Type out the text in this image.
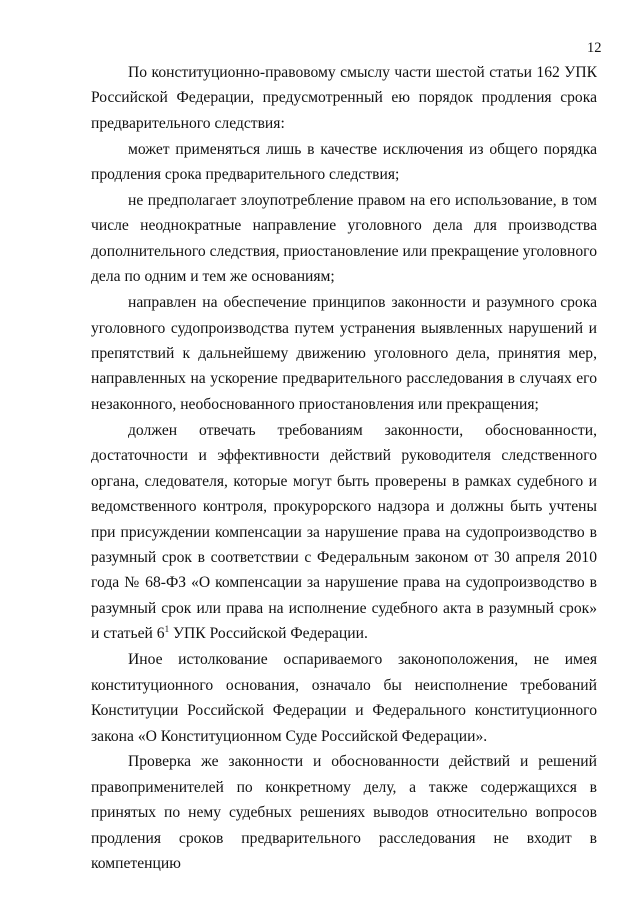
12

По конституционно-правовому смыслу части шестой статьи 162 УПК Российской Федерации, предусмотренный ею порядок продления срока предварительного следствия:

может применяться лишь в качестве исключения из общего порядка продления срока предварительного следствия;

не предполагает злоупотребление правом на его использование, в том числе неоднократные направление уголовного дела для производства дополнительного следствия, приостановление или прекращение уголовного дела по одним и тем же основаниям;

направлен на обеспечение принципов законности и разумного срока уголовного судопроизводства путем устранения выявленных нарушений и препятствий к дальнейшему движению уголовного дела, принятия мер, направленных на ускорение предварительного расследования в случаях его незаконного, необоснованного приостановления или прекращения;

должен отвечать требованиям законности, обоснованности, достаточности и эффективности действий руководителя следственного органа, следователя, которые могут быть проверены в рамках судебного и ведомственного контроля, прокурорского надзора и должны быть учтены при присуждении компенсации за нарушение права на судопроизводство в разумный срок в соответствии с Федеральным законом от 30 апреля 2010 года № 68-ФЗ «О компенсации за нарушение права на судопроизводство в разумный срок или права на исполнение судебного акта в разумный срок» и статьей $6^1$ УПК Российской Федерации.

Иное истолкование оспариваемого законоположения, не имея конституционного основания, означало бы неисполнение требований Конституции Российской Федерации и Федерального конституционного закона «О Конституционном Суде Российской Федерации».

Проверка же законности и обоснованности действий и решений правоприменителей по конкретному делу, а также содержащихся в принятых по нему судебных решениях выводов относительно вопросов продления сроков предварительного расследования не входит в компетенцию
